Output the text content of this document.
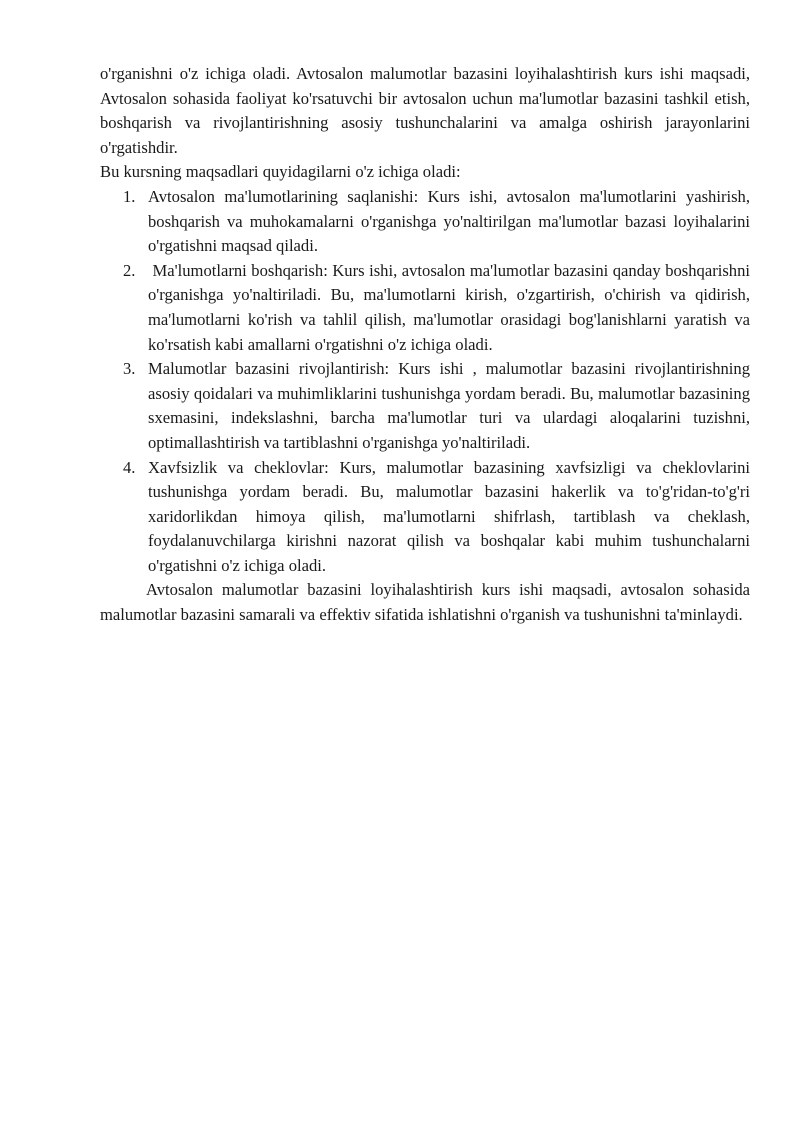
o'rganishni o'z ichiga oladi. Avtosalon malumotlar bazasini loyihalashtirish kurs ishi maqsadi, Avtosalon sohasida faoliyat ko'rsatuvchi bir avtosalon uchun ma'lumotlar bazasini tashkil etish, boshqarish va rivojlantirishning asosiy tushunchalarini va amalga oshirish jarayonlarini o'rgatishdir.

Bu kursning maqsadlari quyidagilarni o'z ichiga oladi:

1. Avtosalon ma'lumotlarining saqlanishi: Kurs ishi, avtosalon ma'lumotlarini yashirish, boshqarish va muhokamalarni o'rganishga yo'naltirilgan ma'lumotlar bazasi loyihalarini o'rgatishni maqsad qiladi.
2. Ma'lumotlarni boshqarish: Kurs ishi, avtosalon ma'lumotlar bazasini qanday boshqarishni o'rganishga yo'naltiriladi. Bu, ma'lumotlarni kirish, o'zgartirish, o'chirish va qidirish, ma'lumotlarni ko'rish va tahlil qilish, ma'lumotlar orasidagi bog'lanishlarni yaratish va ko'rsatish kabi amallarni o'rgatishni o'z ichiga oladi.
3. Malumotlar bazasini rivojlantirish: Kurs ishi , malumotlar bazasini rivojlantirishning asosiy qoidalari va muhimliklarini tushunishga yordam beradi. Bu, malumotlar bazasining sxemasini, indekslashni, barcha ma'lumotlar turi va ulardagi aloqalarini tuzishni, optimallashtirish va tartiblashni o'rganishga yo'naltiriladi.
4. Xavfsizlik va cheklovlar: Kurs, malumotlar bazasining xavfsizligi va cheklovlarini tushunishga yordam beradi. Bu, malumotlar bazasini hakerlik va to'g'ridan-to'g'ri xaridorlikdan himoya qilish, ma'lumotlarni shifrlash, tartiblash va cheklash, foydalanuvchilarga kirishni nazorat qilish va boshqalar kabi muhim tushunchalarni o'rgatishni o'z ichiga oladi.

Avtosalon malumotlar bazasini loyihalashtirish kurs ishi maqsadi, avtosalon sohasida malumotlar bazasini samarali va effektiv sifatida ishlatishni o'rganish va tushunishni ta'minlaydi.
